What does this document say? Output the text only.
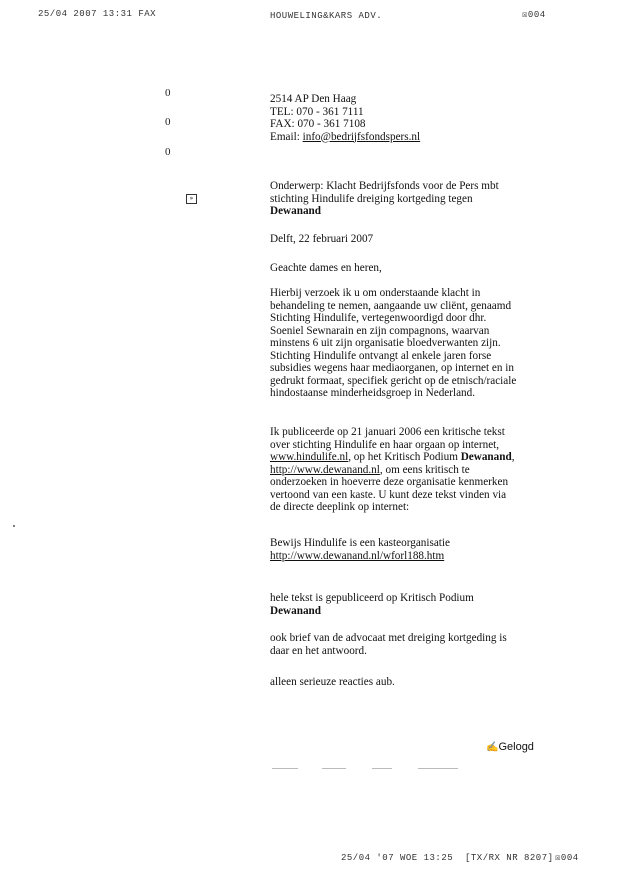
25/04 2007 13:31 FAX	HOUWELING&KARS ADV.	☒004
0
0
0
»
2514 AP Den Haag
TEL: 070 - 361 7111
FAX: 070 - 361 7108
Email: info@bedrijfsfondspers.nl
Onderwerp: Klacht Bedrijfsfonds voor de Pers mbt
stichting Hindulife dreiging kortgeding tegen
Dewanand
Delft, 22 februari 2007
Geachte dames en heren,
Hierbij verzoek ik u om onderstaande klacht in
behandeling te nemen, aangaande uw cliënt, genaamd
Stichting Hindulife, vertegenwoordigd door dhr.
Soeniel Sewnarain en zijn compagnons, waarvan
minstens 6 uit zijn organisatie bloedverwanten zijn.
Stichting Hindulife ontvangt al enkele jaren forse
subsidies wegens haar mediaorganen, op internet en in
gedrukt formaat, specifiek gericht op de etnisch/raciale
hindostaanse minderheidsgroep in Nederland.
Ik publiceerde op 21 januari 2006 een kritische tekst
over stichting Hindulife en haar orgaan op internet,
www.hindulife.nl, op het Kritisch Podium Dewanand,
http://www.dewanand.nl, om eens kritisch te
onderzoeken in hoeverre deze organisatie kenmerken
vertoond van een kaste. U kunt deze tekst vinden via
de directe deeplink op internet:
Bewijs Hindulife is een kasteorganisatie
http://www.dewanand.nl/wforl188.htm
hele tekst is gepubliceerd op Kritisch Podium
Dewanand
ook brief van de advocaat met dreiging kortgeding is
daar en het antwoord.
alleen serieuze reacties aub.
✍Gelogd
25/04 '07 WOE 13:25 [TX/RX NR 8207] ☒004
